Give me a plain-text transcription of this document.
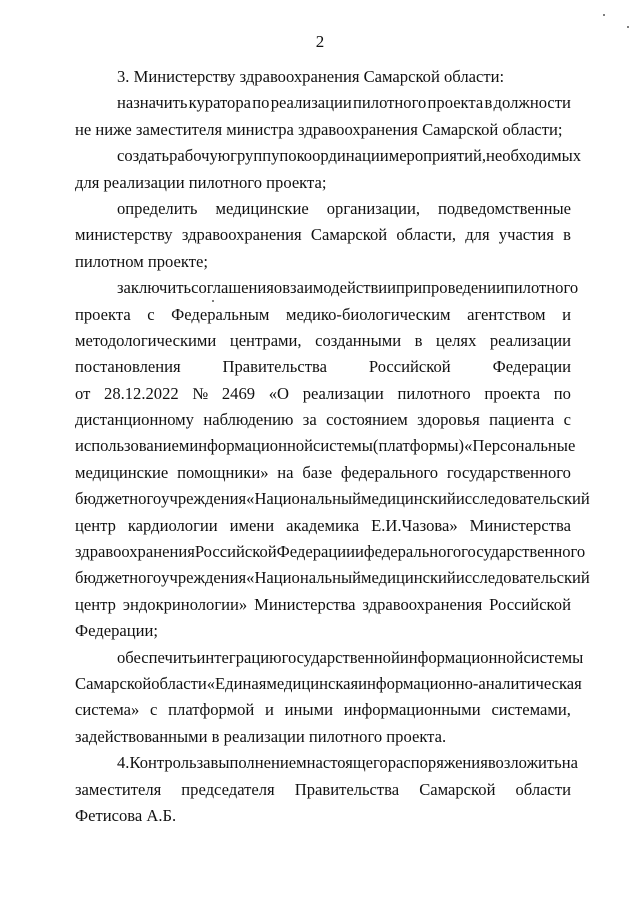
2
3. Министерству здравоохранения Самарской области:
назначить куратора по реализации пилотного проекта в должности
не ниже заместителя министра здравоохранения Самарской области;
создать рабочую группу по координации мероприятий, необходимых
для реализации пилотного проекта;
определить медицинские организации, подведомственные
министерству здравоохранения Самарской области, для участия в
пилотном проекте;
заключить соглашения о взаимодействии при проведении пилотного
проекта с Федеральным медико-биологическим агентством и
методологическими центрами, созданными в целях реализации
постановления	Правительства	Российской	Федерации
от 28.12.2022 № 2469 «О реализации пилотного проекта по
дистанционному наблюдению за состоянием здоровья пациента с
использованием информационной системы (платформы) «Персональные
медицинские помощники» на базе федерального государственного
бюджетного учреждения «Национальный медицинский исследовательский
центр кардиологии имени академика Е.И.Чазова» Министерства
здравоохранения Российской Федерации и федерального государственного
бюджетного учреждения «Национальный медицинский исследовательский
центр эндокринологии» Министерства здравоохранения Российской
Федерации;
обеспечить интеграцию государственной информационной системы
Самарской области «Единая медицинская информационно-аналитическая
система» с платформой и иными информационными системами,
задействованными в реализации пилотного проекта.
4. Контроль за выполнением настоящего распоряжения возложить на
заместителя председателя Правительства Самарской области
Фетисова А.Б.
